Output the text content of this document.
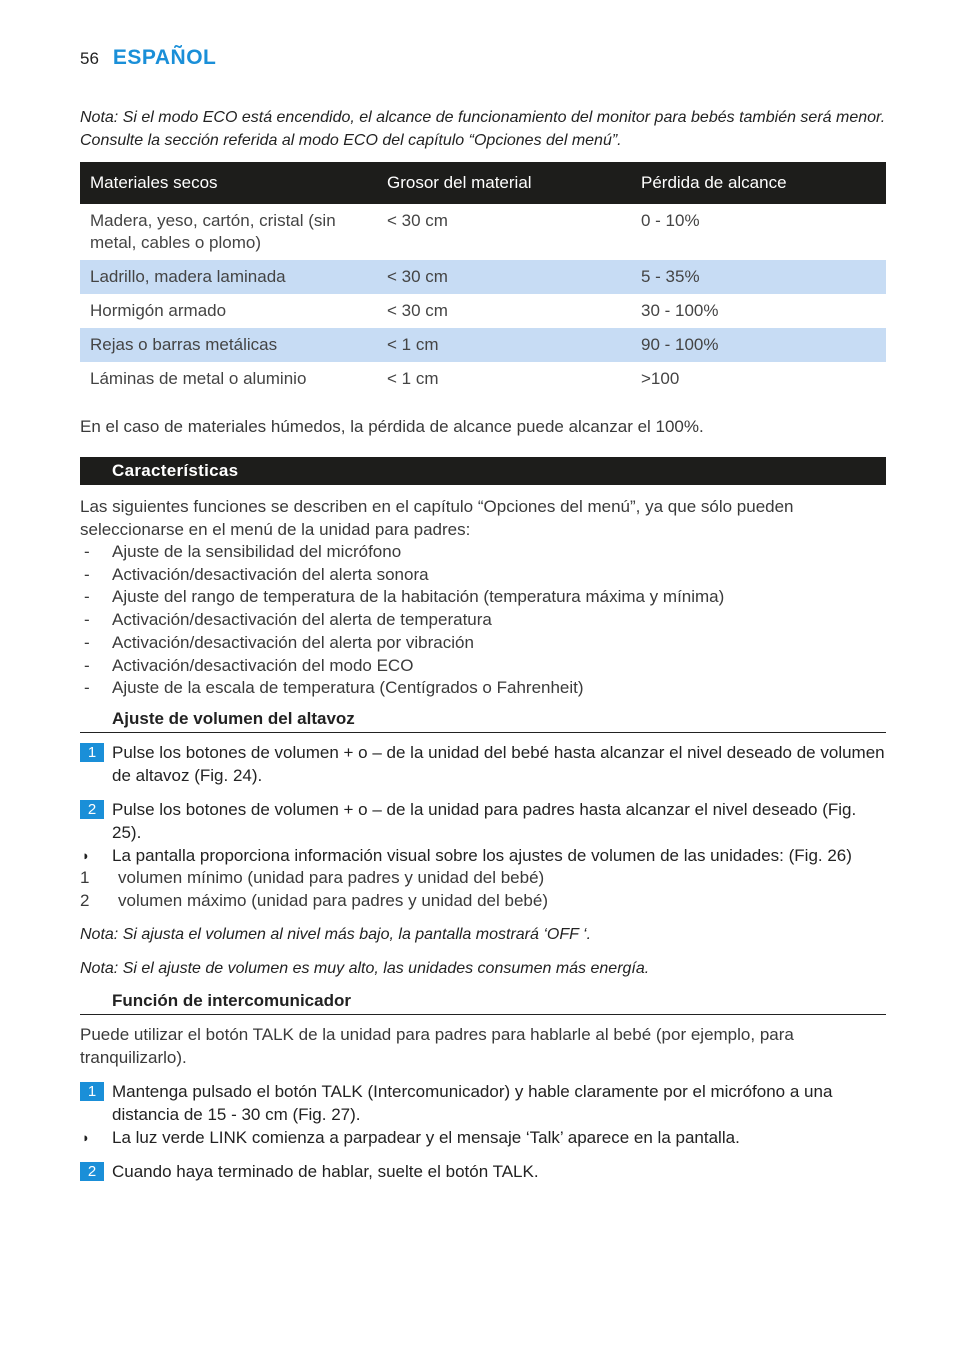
56 ESPAÑOL

Nota: Si el modo ECO está encendido, el alcance de funcionamiento del monitor para bebés también será menor. Consulte la sección referida al modo ECO del capítulo “Opciones del menú”.

Materiales secos	Grosor del material	Pérdida de alcance
Madera, yeso, cartón, cristal (sin metal, cables o plomo)	< 30 cm	0 - 10%
Ladrillo, madera laminada	< 30 cm	5 - 35%
Hormigón armado	< 30 cm	30 - 100%
Rejas o barras metálicas	< 1 cm	90 - 100%
Láminas de metal o aluminio	< 1 cm	>100

En el caso de materiales húmedos, la pérdida de alcance puede alcanzar el 100%.

Características

Las siguientes funciones se describen en el capítulo “Opciones del menú”, ya que sólo pueden seleccionarse en el menú de la unidad para padres:

- Ajuste de la sensibilidad del micrófono
- Activación/desactivación del alerta sonora
- Ajuste del rango de temperatura de la habitación (temperatura máxima y mínima)
- Activación/desactivación del alerta de temperatura
- Activación/desactivación del alerta por vibración
- Activación/desactivación del modo ECO
- Ajuste de la escala de temperatura (Centígrados o Fahrenheit)
Ajuste de volumen del altavoz
1 Pulse los botones de volumen + o – de la unidad del bebé hasta alcanzar el nivel deseado de volumen de altavoz (Fig. 24).
2 Pulse los botones de volumen + o – de la unidad para padres hasta alcanzar el nivel deseado (Fig. 25).
◗ La pantalla proporciona información visual sobre los ajustes de volumen de las unidades: (Fig. 26)
1 volumen mínimo (unidad para padres y unidad del bebé)
2 volumen máximo (unidad para padres y unidad del bebé)

Nota: Si ajusta el volumen al nivel más bajo, la pantalla mostrará ‘OFF ‘.

Nota: Si el ajuste de volumen es muy alto, las unidades consumen más energía.

Función de intercomunicador

Puede utilizar el botón TALK de la unidad para padres para hablarle al bebé (por ejemplo, para tranquilizarlo).

1 Mantenga pulsado el botón TALK (Intercomunicador) y hable claramente por el micrófono a una distancia de 15 - 30 cm (Fig. 27).
◗ La luz verde LINK comienza a parpadear y el mensaje ‘Talk’ aparece en la pantalla.
2 Cuando haya terminado de hablar, suelte el botón TALK.
